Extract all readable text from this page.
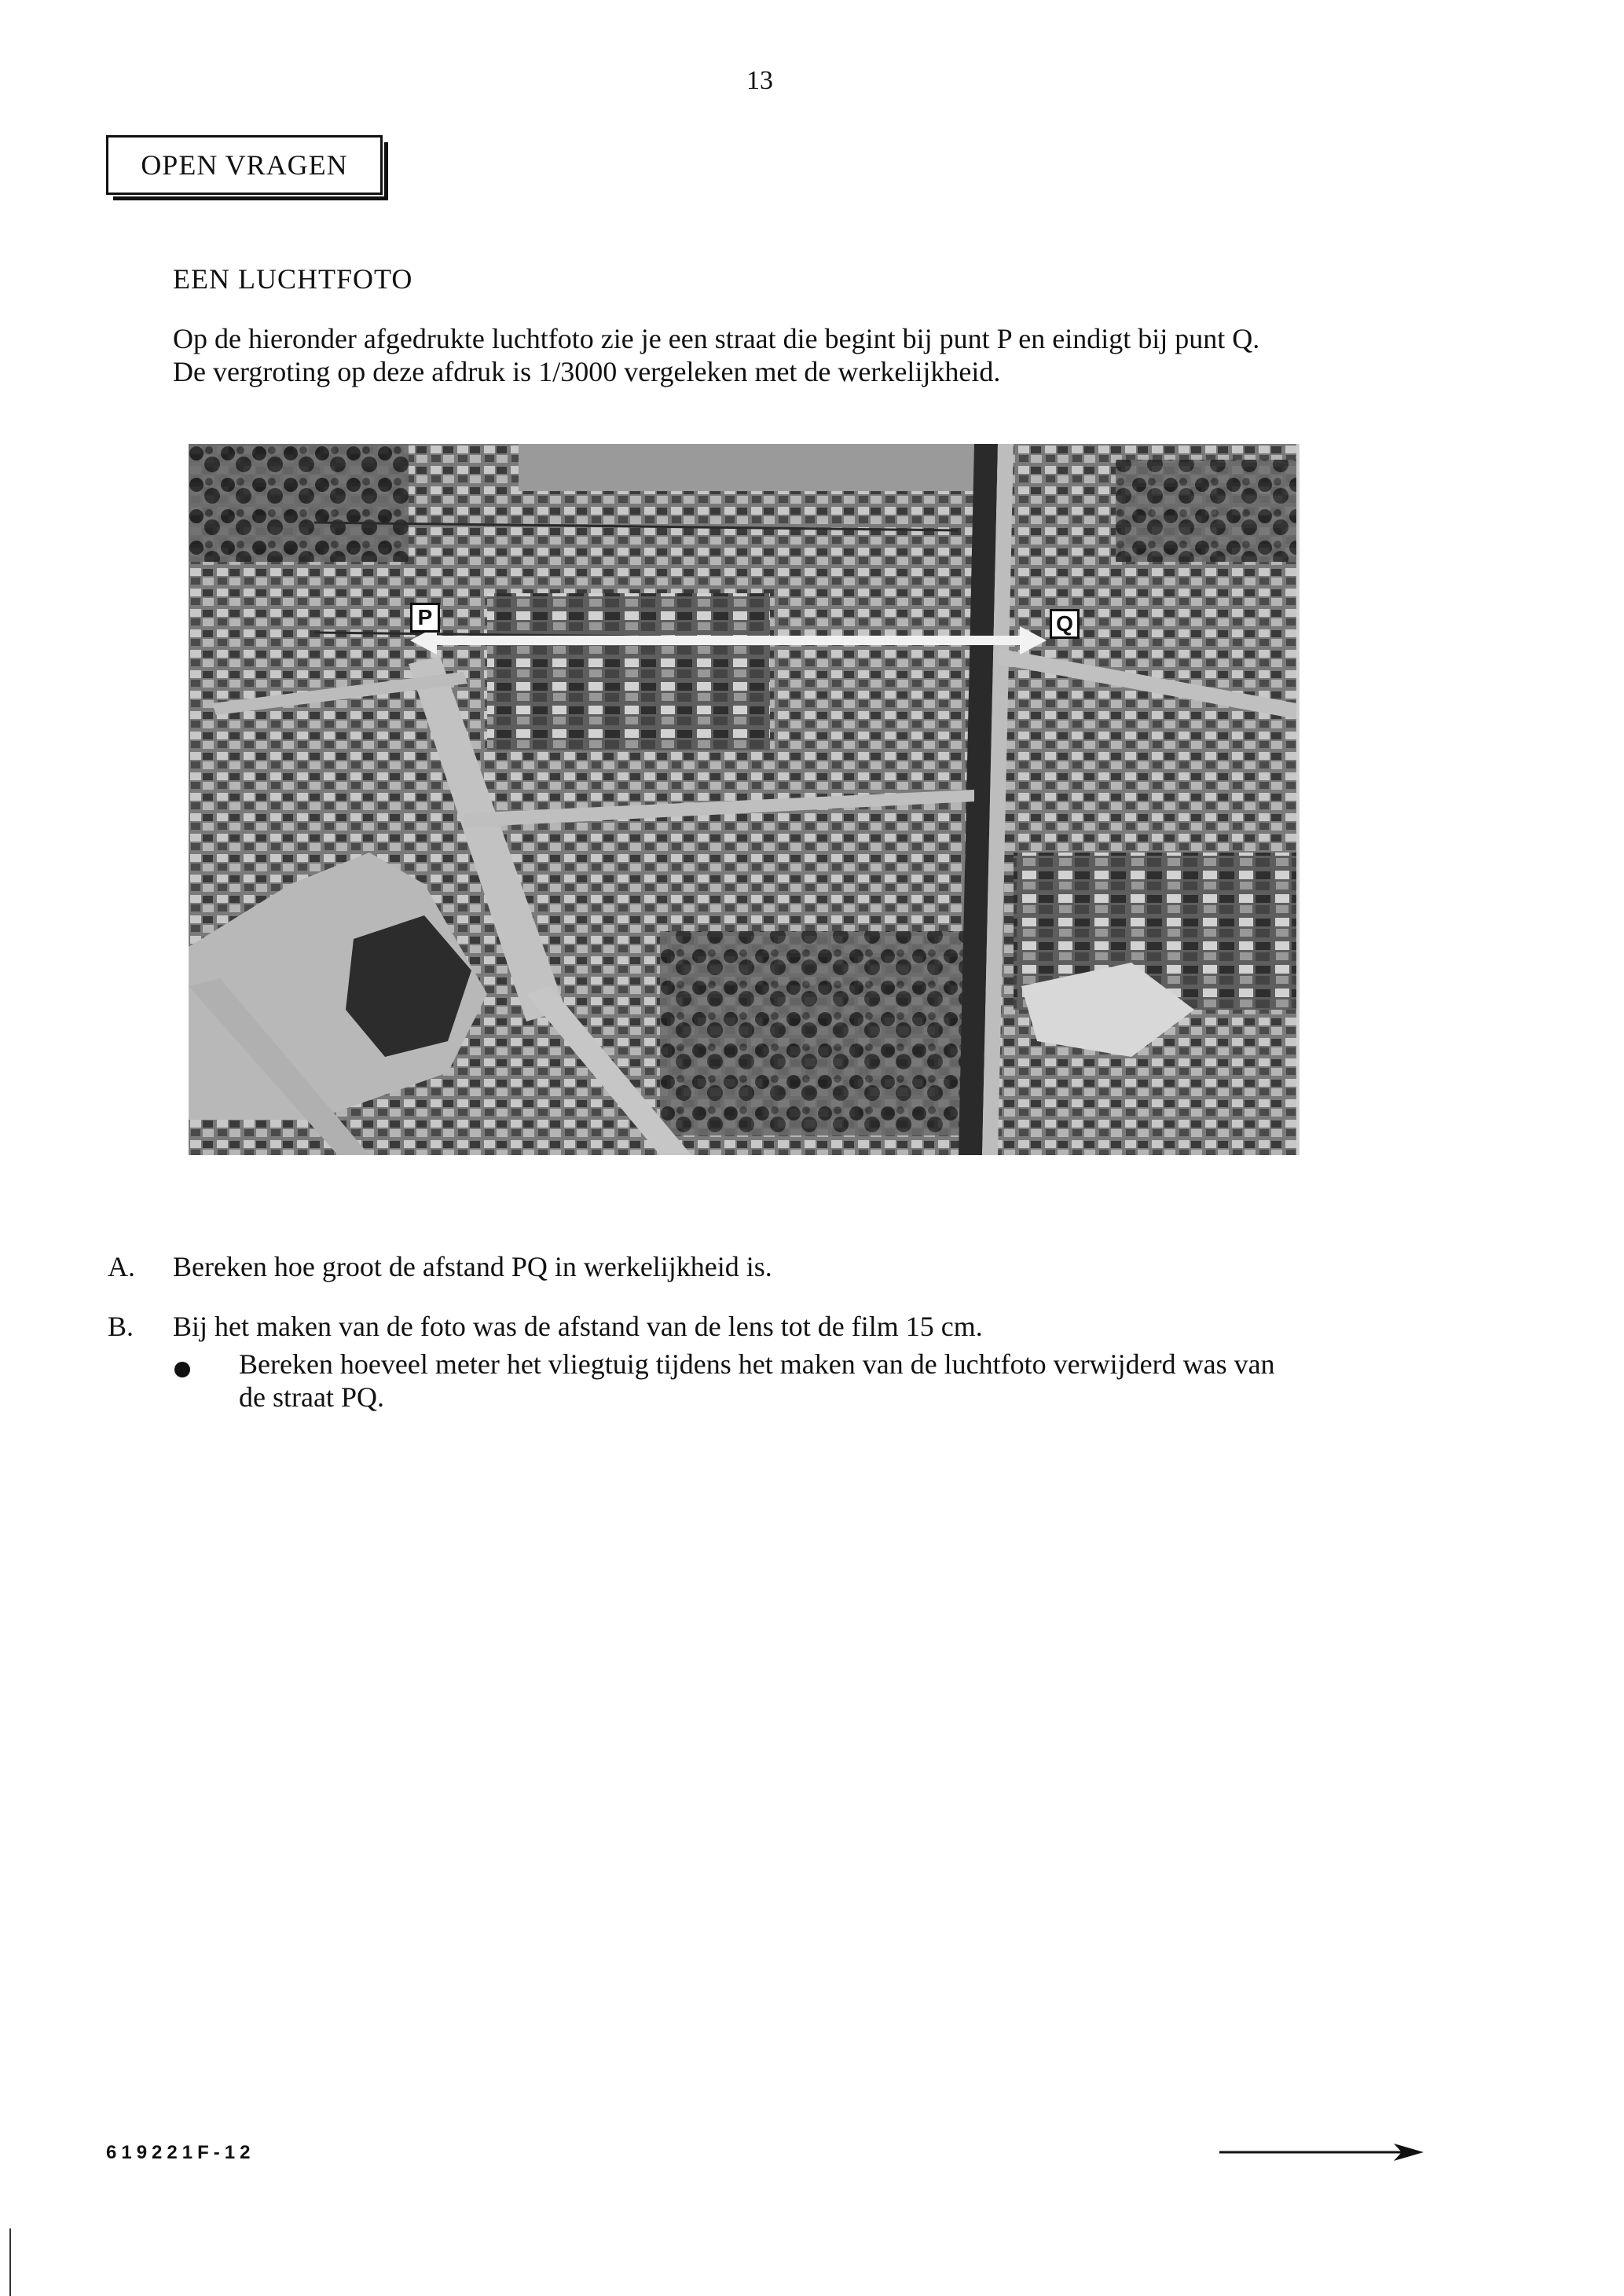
13
OPEN VRAGEN
EEN LUCHTFOTO
Op de hieronder afgedrukte luchtfoto zie je een straat die begint bij punt P en eindigt bij punt Q.
De vergroting op deze afdruk is 1/3000 vergeleken met de werkelijkheid.
P	Q
A. Bereken hoe groot de afstand PQ in werkelijkheid is.
B. Bij het maken van de foto was de afstand van de lens tot de film 15 cm.
Bereken hoeveel meter het vliegtuig tijdens het maken van de luchtfoto verwijderd was van
de straat PQ.
619221F-12
